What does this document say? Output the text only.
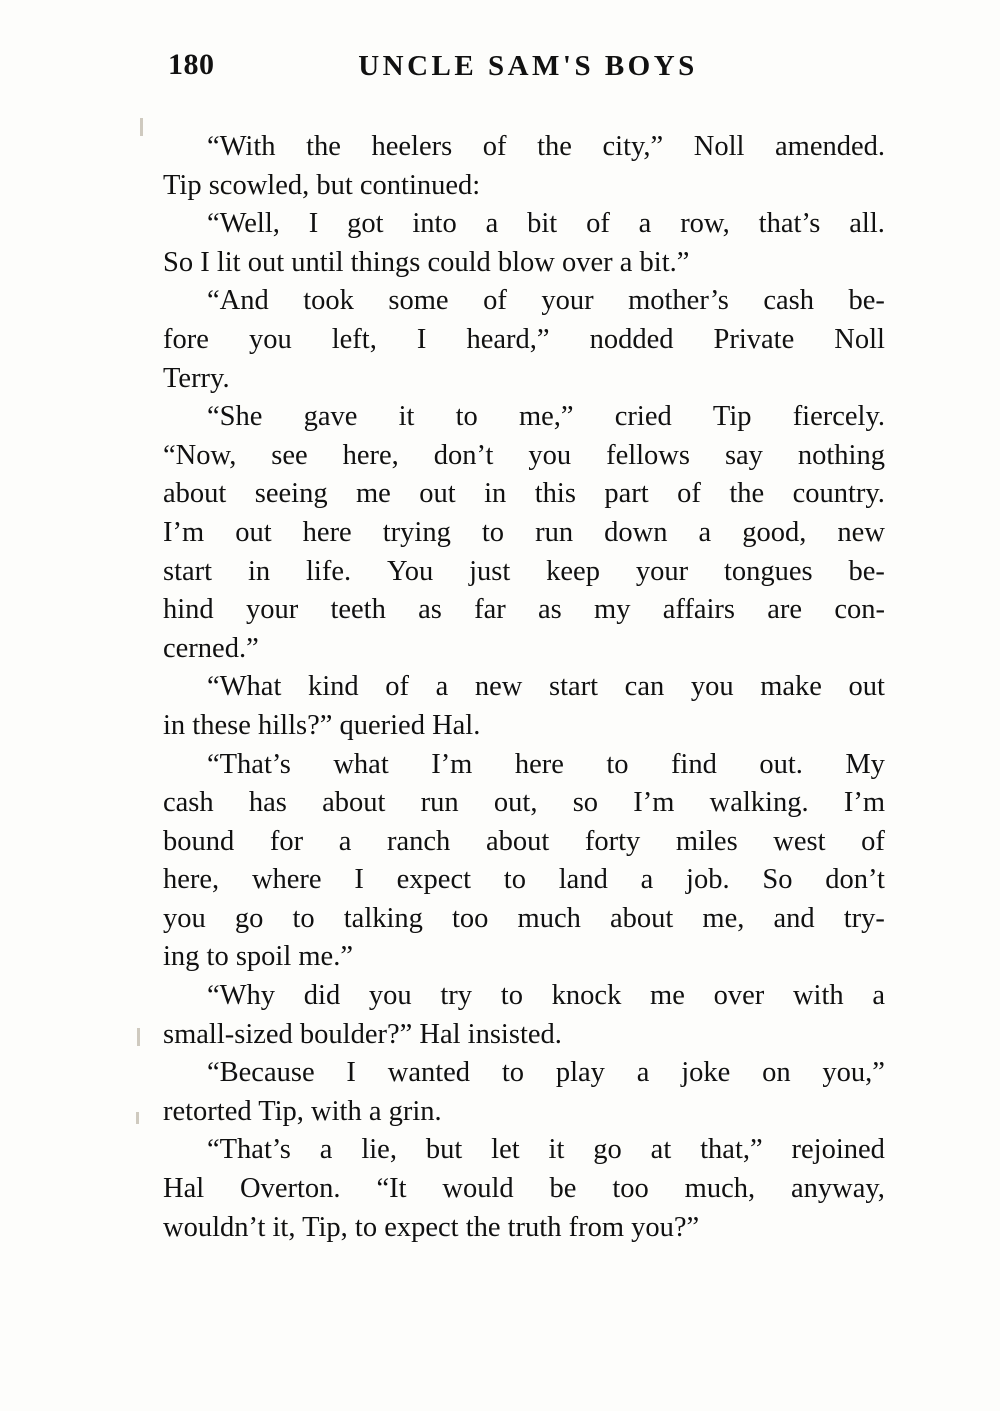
180	UNCLE SAM'S BOYS
“With the heelers of the city,” Noll amended.
Tip scowled, but continued:
“Well, I got into a bit of a row, that’s all.
So I lit out until things could blow over a bit.”
“And took some of your mother’s cash be-
fore you left, I heard,” nodded Private Noll
Terry.
“She gave it to me,” cried Tip fiercely.
“Now, see here, don’t you fellows say nothing
about seeing me out in this part of the country.
I’m out here trying to run down a good, new
start in life. You just keep your tongues be-
hind your teeth as far as my affairs are con-
cerned.”
“What kind of a new start can you make out
in these hills?” queried Hal.
“That’s what I’m here to find out. My
cash has about run out, so I’m walking. I’m
bound for a ranch about forty miles west of
here, where I expect to land a job. So don’t
you go to talking too much about me, and try-
ing to spoil me.”
“Why did you try to knock me over with a
small-sized boulder?” Hal insisted.
“Because I wanted to play a joke on you,”
retorted Tip, with a grin.
“That’s a lie, but let it go at that,” rejoined
Hal Overton. “It would be too much, anyway,
wouldn’t it, Tip, to expect the truth from you?”
